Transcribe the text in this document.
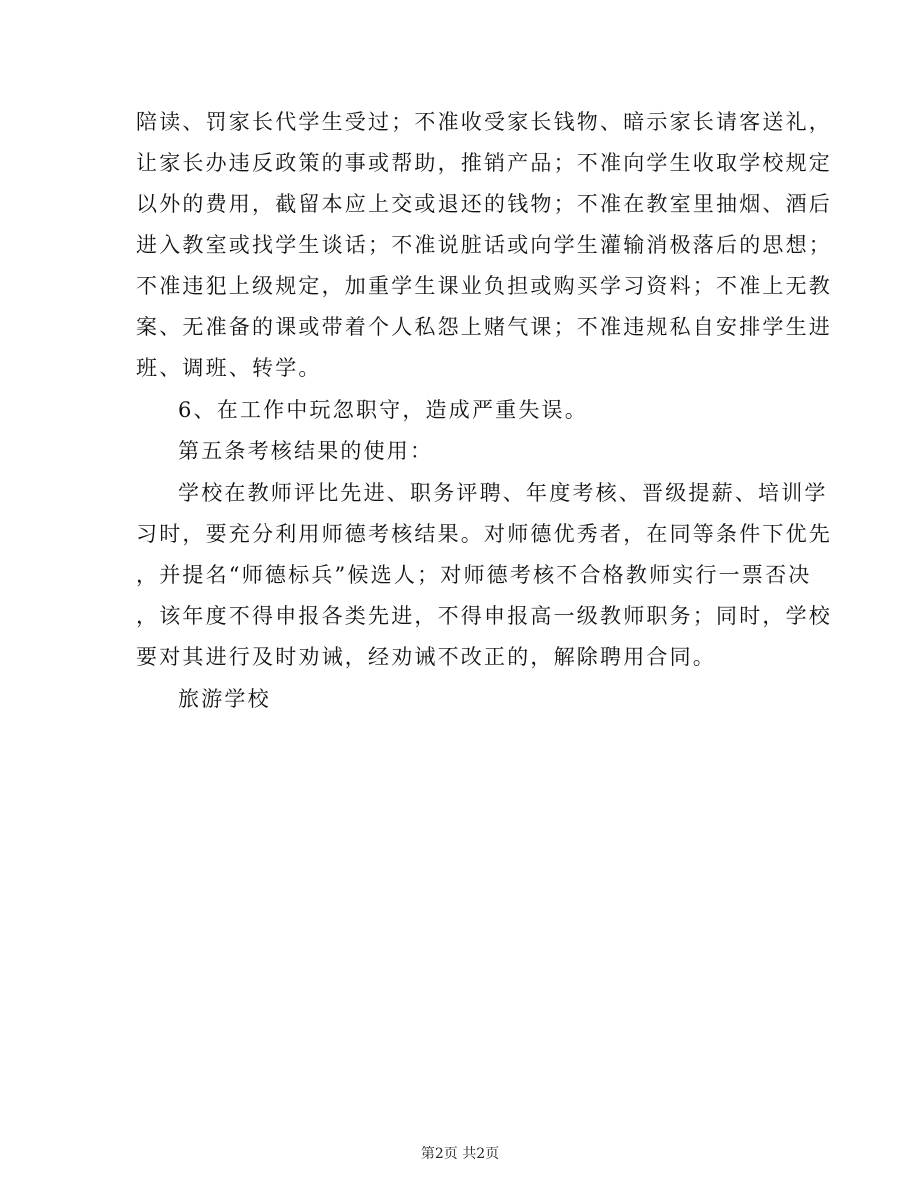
陪读、罚家长代学生受过；不准收受家长钱物、暗示家长请客送礼，
让家长办违反政策的事或帮助，推销产品；不准向学生收取学校规定
以外的费用，截留本应上交或退还的钱物；不准在教室里抽烟、酒后
进入教室或找学生谈话；不准说脏话或向学生灌输消极落后的思想；
不准违犯上级规定，加重学生课业负担或购买学习资料；不准上无教
案、无准备的课或带着个人私怨上赌气课；不准违规私自安排学生进
班、调班、转学。
6、在工作中玩忽职守，造成严重失误。
第五条考核结果的使用：
学校在教师评比先进、职务评聘、年度考核、晋级提薪、培训学
习时，要充分利用师德考核结果。对师德优秀者，在同等条件下优先
，并提名“师德标兵”候选人；对师德考核不合格教师实行一票否决
，该年度不得申报各类先进，不得申报高一级教师职务；同时，学校
要对其进行及时劝诫，经劝诫不改正的，解除聘用合同。
旅游学校
第2页 共2页
